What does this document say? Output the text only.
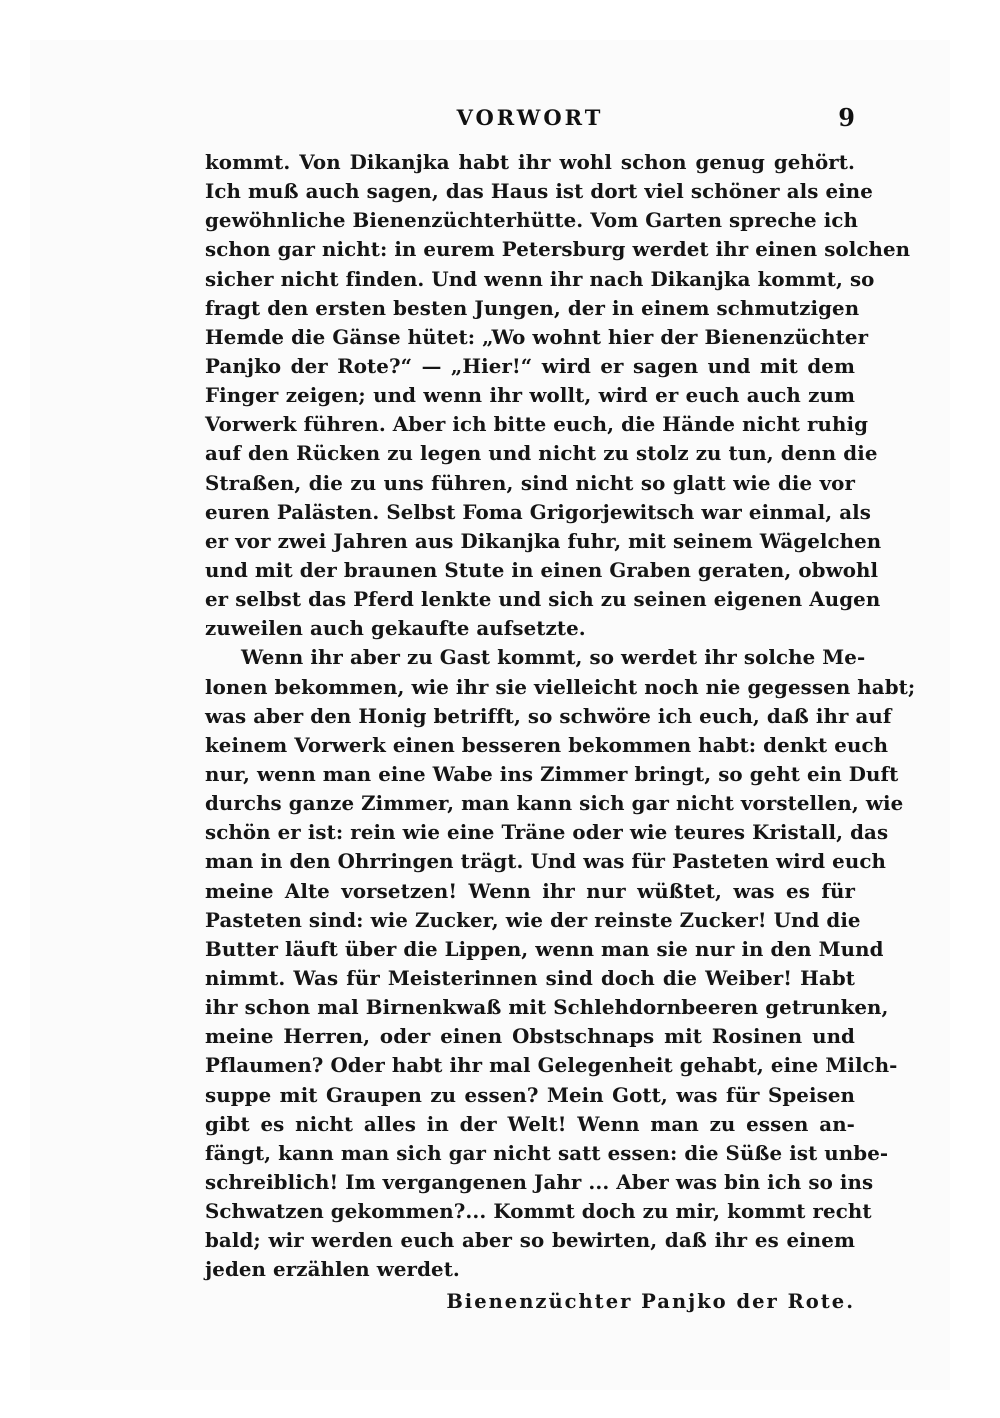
VORWORT	9
kommt. Von Dikanjka habt ihr wohl schon genug gehört.
Ich muß auch sagen, das Haus ist dort viel schöner als eine
gewöhnliche Bienenzüchterhütte. Vom Garten spreche ich
schon gar nicht: in eurem Petersburg werdet ihr einen solchen
sicher nicht finden. Und wenn ihr nach Dikanjka kommt, so
fragt den ersten besten Jungen, der in einem schmutzigen
Hemde die Gänse hütet: „Wo wohnt hier der Bienenzüchter
Panjko der Rote?“ — „Hier!“ wird er sagen und mit dem
Finger zeigen; und wenn ihr wollt, wird er euch auch zum
Vorwerk führen. Aber ich bitte euch, die Hände nicht ruhig
auf den Rücken zu legen und nicht zu stolz zu tun, denn die
Straßen, die zu uns führen, sind nicht so glatt wie die vor
euren Palästen. Selbst Foma Grigorjewitsch war einmal, als
er vor zwei Jahren aus Dikanjka fuhr, mit seinem Wägelchen
und mit der braunen Stute in einen Graben geraten, obwohl
er selbst das Pferd lenkte und sich zu seinen eigenen Augen
zuweilen auch gekaufte aufsetzte.
Wenn ihr aber zu Gast kommt, so werdet ihr solche Me-
lonen bekommen, wie ihr sie vielleicht noch nie gegessen habt;
was aber den Honig betrifft, so schwöre ich euch, daß ihr auf
keinem Vorwerk einen besseren bekommen habt: denkt euch
nur, wenn man eine Wabe ins Zimmer bringt, so geht ein Duft
durchs ganze Zimmer, man kann sich gar nicht vorstellen, wie
schön er ist: rein wie eine Träne oder wie teures Kristall, das
man in den Ohrringen trägt. Und was für Pasteten wird euch
meine Alte vorsetzen! Wenn ihr nur wüßtet, was es für
Pasteten sind: wie Zucker, wie der reinste Zucker! Und die
Butter läuft über die Lippen, wenn man sie nur in den Mund
nimmt. Was für Meisterinnen sind doch die Weiber! Habt
ihr schon mal Birnenkwaß mit Schlehdornbeeren getrunken,
meine Herren, oder einen Obstschnaps mit Rosinen und
Pflaumen? Oder habt ihr mal Gelegenheit gehabt, eine Milch-
suppe mit Graupen zu essen? Mein Gott, was für Speisen
gibt es nicht alles in der Welt! Wenn man zu essen an-
fängt, kann man sich gar nicht satt essen: die Süße ist unbe-
schreiblich! Im vergangenen Jahr ... Aber was bin ich so ins
Schwatzen gekommen?... Kommt doch zu mir, kommt recht
bald; wir werden euch aber so bewirten, daß ihr es einem
jeden erzählen werdet.
Bienenzüchter Panjko der Rote.
